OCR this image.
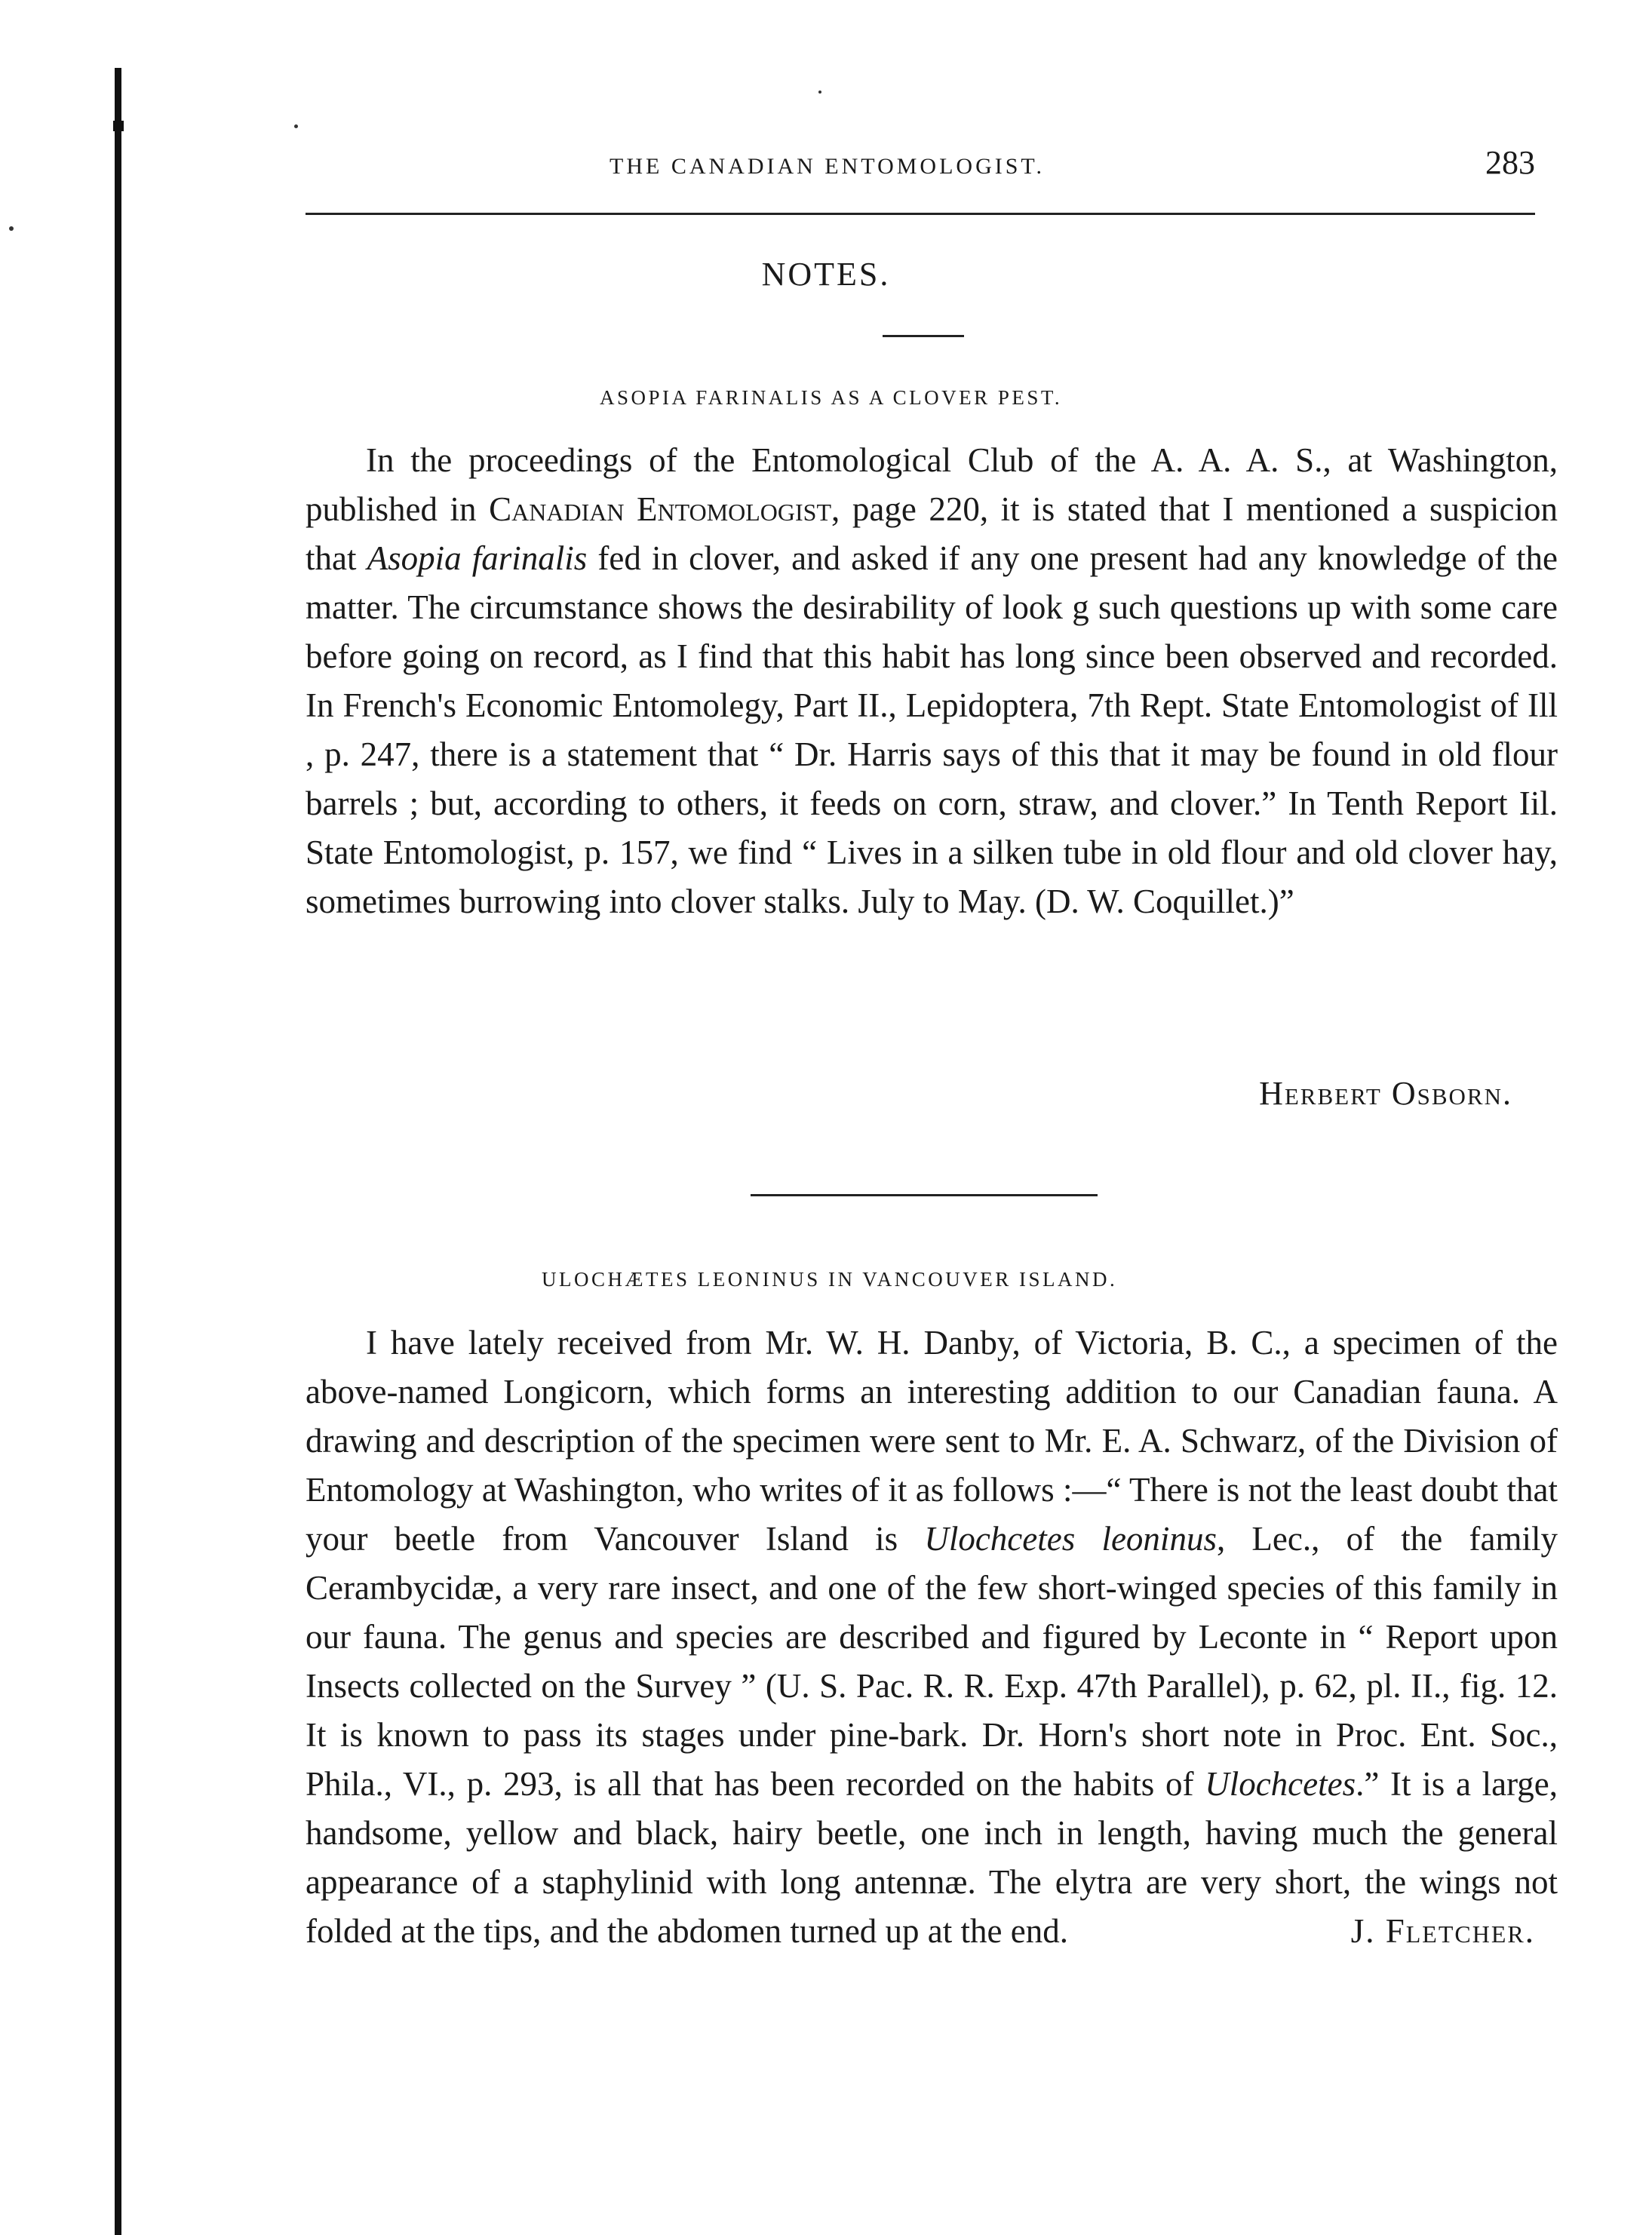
THE CANADIAN ENTOMOLOGIST.	283
NOTES.
ASOPIA FARINALIS AS A CLOVER PEST.

In the proceedings of the Entomological Club of the A. A. A. S., at Washington, published in Canadian Entomologist, page 220, it is stated that I mentioned a suspicion that Asopia farinalis fed in clover, and asked if any one present had any knowledge of the matter. The circumstance shows the desirability of look g such questions up with some care before going on record, as I find that this habit has long since been observed and recorded. In French's Economic Entomolegy, Part II., Lepidoptera, 7th Rept. State Entomologist of Ill , p. 247, there is a statement that “ Dr. Harris says of this that it may be found in old flour barrels ; but, according to others, it feeds on corn, straw, and clover.” In Tenth Report Iil. State Entomologist, p. 157, we find “ Lives in a silken tube in old flour and old clover hay, sometimes burrowing into clover stalks. July to May. (D. W. Coquillet.)”

Herbert Osborn.
ULOCHÆTES LEONINUS IN VANCOUVER ISLAND.

I have lately received from Mr. W. H. Danby, of Victoria, B. C., a specimen of the above-named Longicorn, which forms an interesting addition to our Canadian fauna. A drawing and description of the specimen were sent to Mr. E. A. Schwarz, of the Division of Entomology at Washington, who writes of it as follows :—“ There is not the least doubt that your beetle from Vancouver Island is Ulochcetes leoninus, Lec., of the family Cerambycidæ, a very rare insect, and one of the few short-winged species of this family in our fauna. The genus and species are described and figured by Leconte in “ Report upon Insects collected on the Survey ” (U. S. Pac. R. R. Exp. 47th Parallel), p. 62, pl. II., fig. 12. It is known to pass its stages under pine-bark. Dr. Horn's short note in Proc. Ent. Soc., Phila., VI., p. 293, is all that has been recorded on the habits of Ulochcetes.” It is a large, handsome, yellow and black, hairy beetle, one inch in length, having much the general appearance of a staphylinid with long antennæ. The elytra are very short, the wings not folded at the tips, and the abdomen turned up at the end.	J. Fletcher.
